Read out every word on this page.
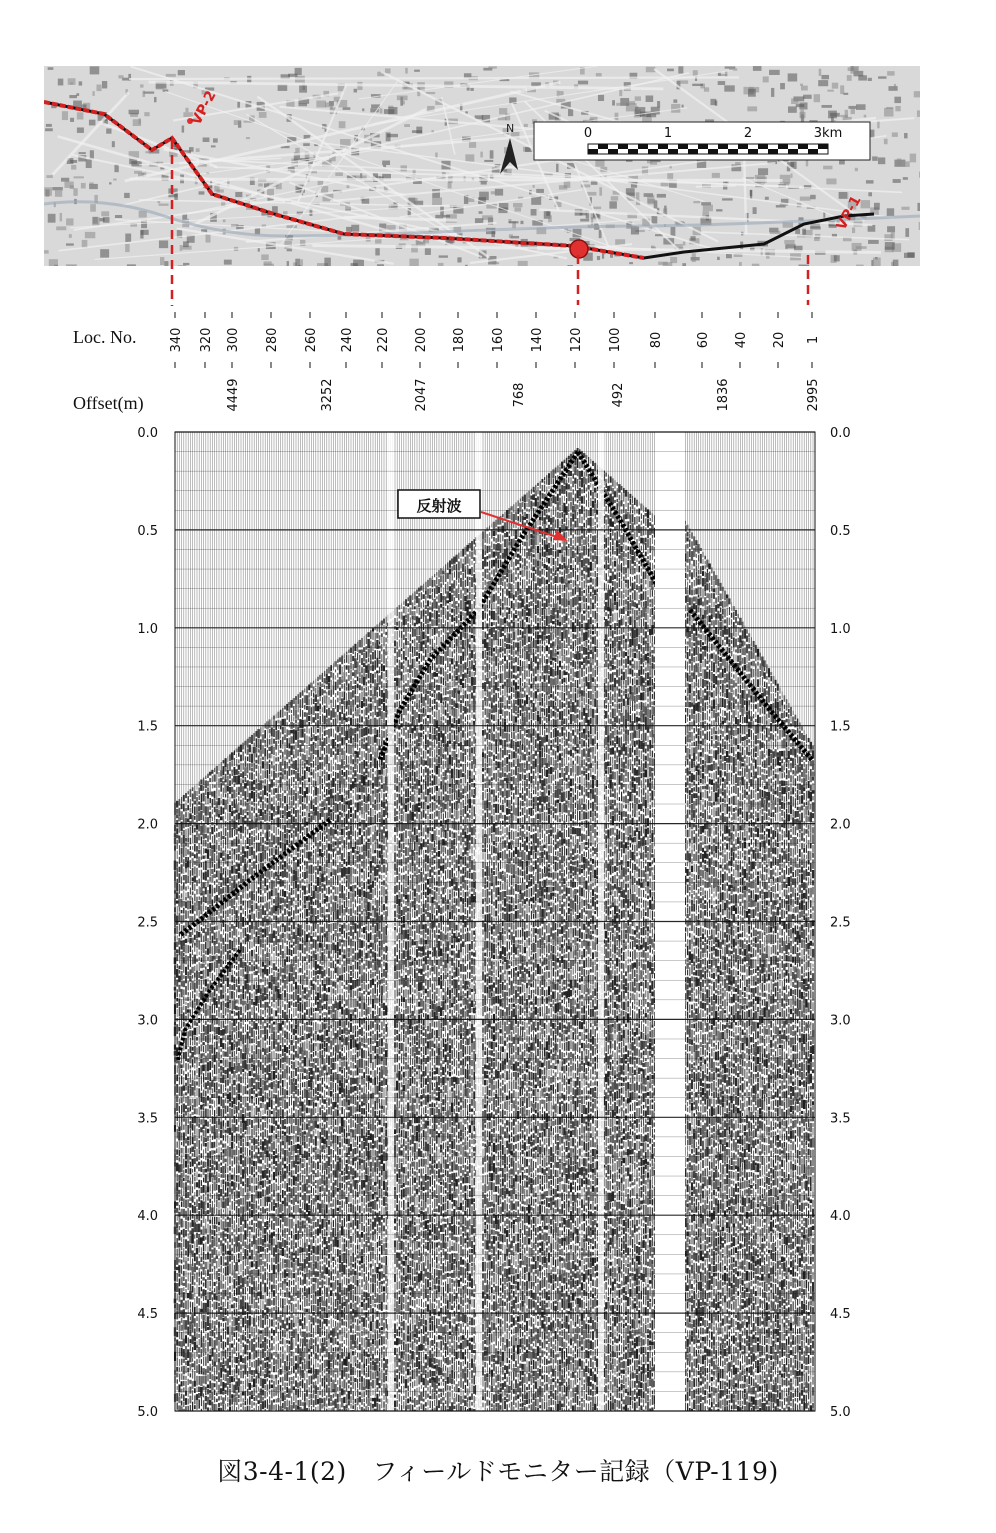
VP-2
VP-1
0	1	2	3km
N
0.0
0.5
1.0
1.5
2.0
2.5
3.0
3.5
4.0
4.5
5.0
0.0
0.5
1.0
1.5
2.0
2.5
3.0
3.5
4.0
4.5
5.0
340 320 300 280 260 240 220 200 180 160 140 120 100 80 60 40 20 1
4449	3252	2047	768	492	1836	2995
反射波
Loc. No.
Offset(m)
図3-4-1(2)　フィールドモニター記録（VP-119)
